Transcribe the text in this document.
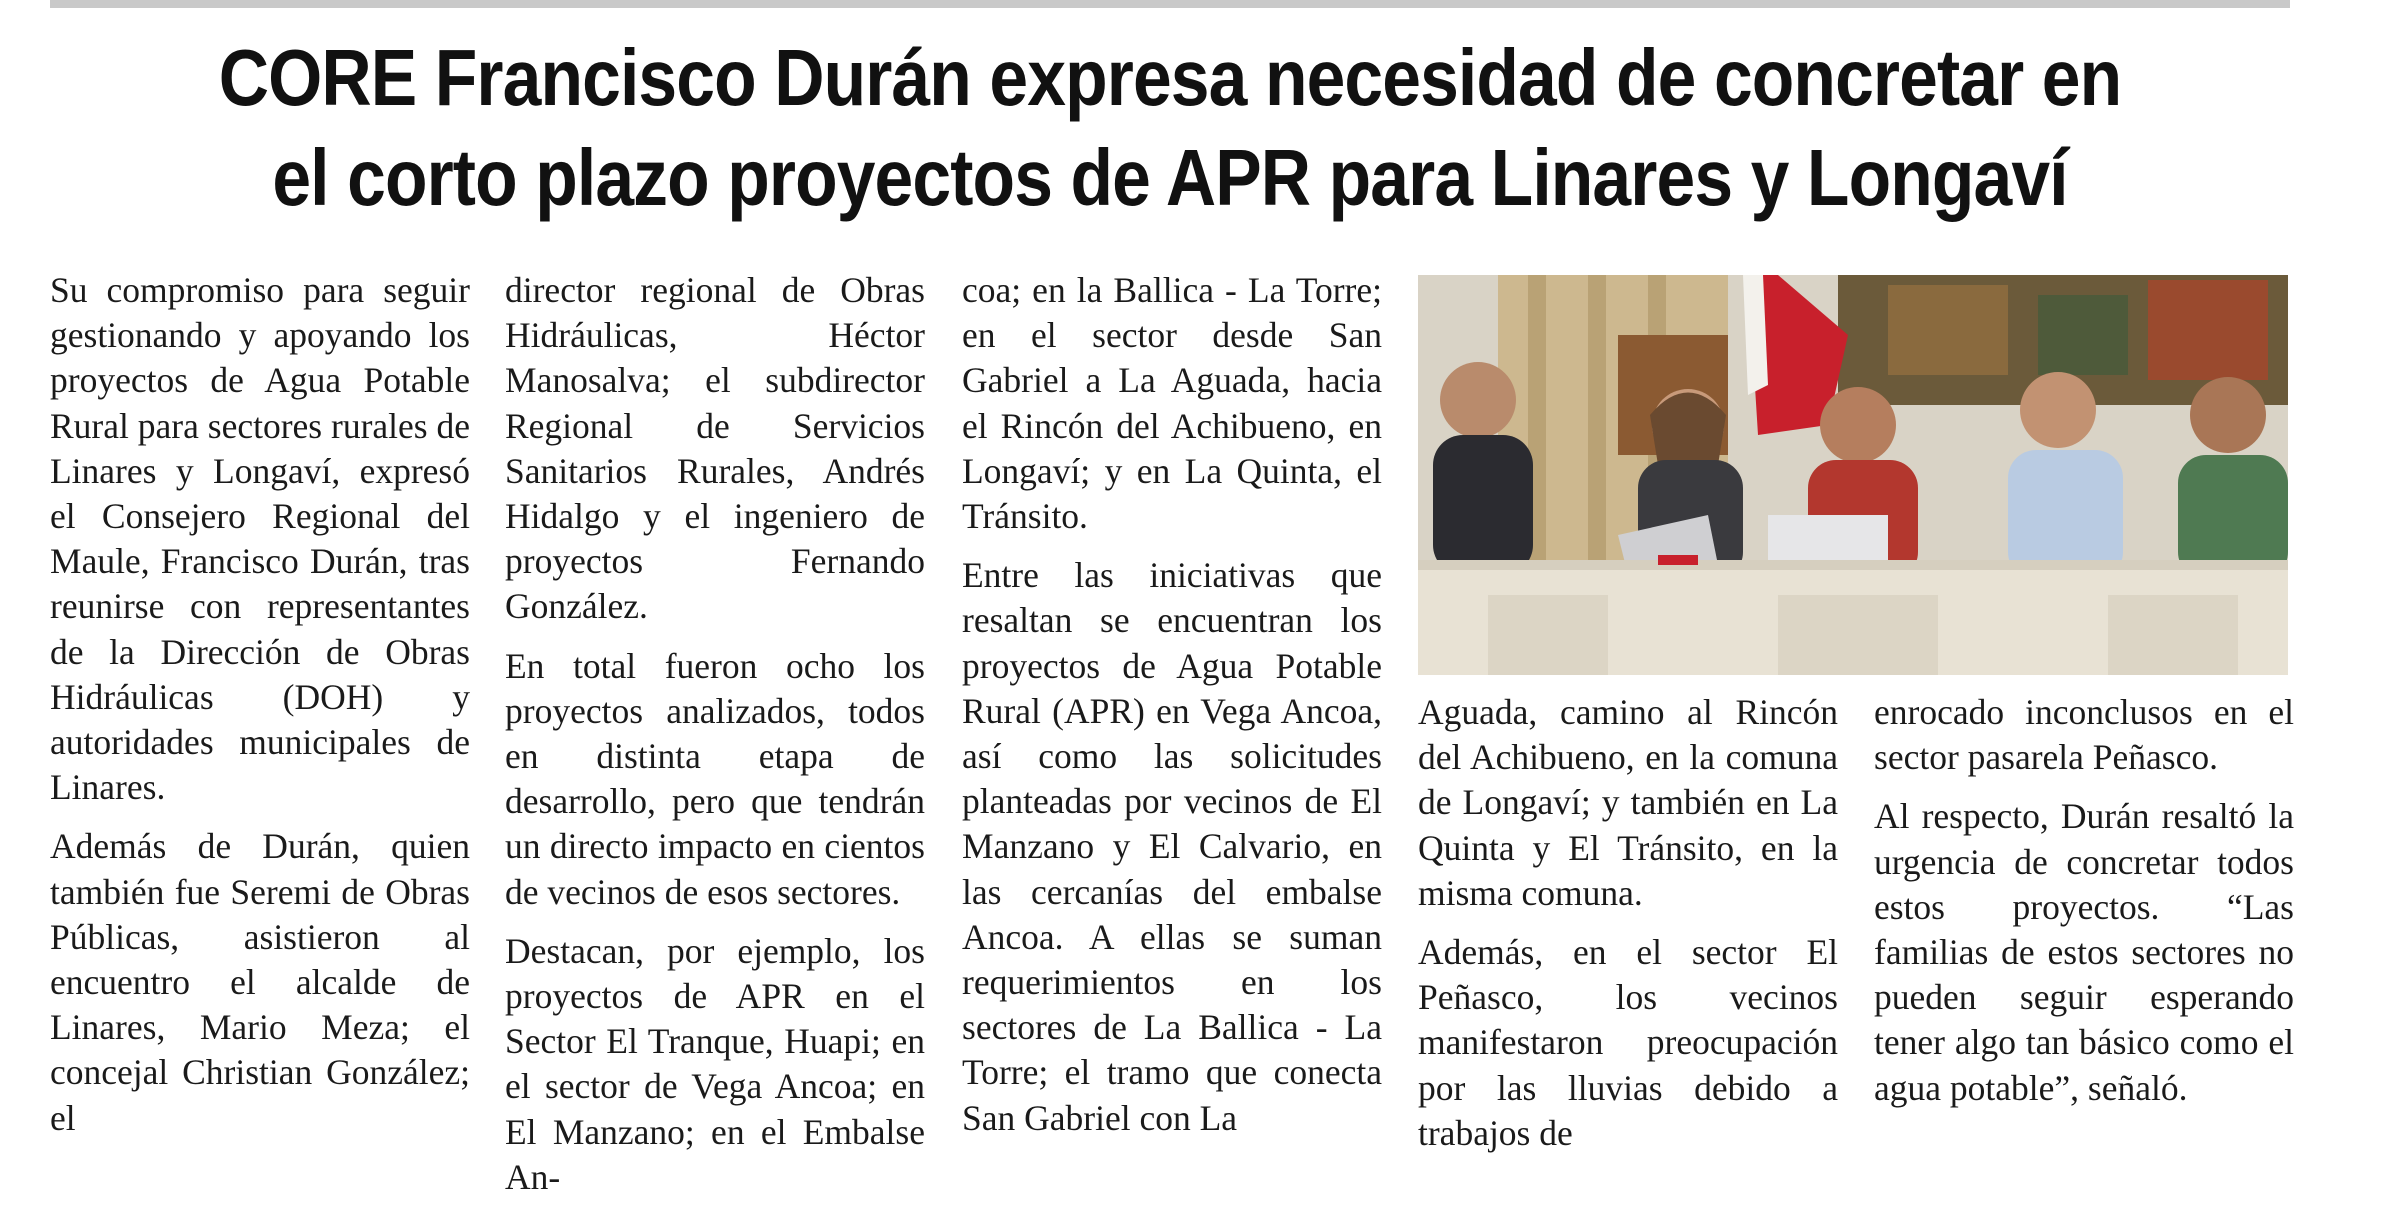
CORE Francisco Durán expresa necesidad de concretar en
el corto plazo proyectos de APR para Linares y Longaví

Su compromiso para seguir gestionando y apoyando los proyectos de Agua Potable Rural para sectores rurales de Linares y Longaví, expresó el Consejero Regional del Maule, Francisco Durán, tras reunirse con representantes de la Dirección de Obras Hidráulicas (DOH) y autoridades municipales de Linares.

Además de Durán, quien también fue Seremi de Obras Públicas, asistieron al encuentro el alcalde de Linares, Mario Meza; el concejal Christian González; el

director regional de Obras Hidráulicas, Héctor Manosalva; el subdirector Regional de Servicios Sanitarios Rurales, Andrés Hidalgo y el ingeniero de proyectos Fernando González.

En total fueron ocho los proyectos analizados, todos en distinta etapa de desarrollo, pero que tendrán un directo impacto en cientos de vecinos de esos sectores.

Destacan, por ejemplo, los proyectos de APR en el Sector El Tranque, Huapi; en el sector de Vega Ancoa; en El Manzano; en el Embalse An-

coa; en la Ballica - La Torre; en el sector desde San Gabriel a La Aguada, hacia el Rincón del Achibueno, en Longaví; y en La Quinta, el Tránsito.

Entre las iniciativas que resaltan se encuentran los proyectos de Agua Potable Rural (APR) en Vega Ancoa, así como las solicitudes planteadas por vecinos de El Manzano y El Calvario, en las cercanías del embalse Ancoa. A ellas se suman requerimientos en los sectores de La Ballica - La Torre; el tramo que conecta San Gabriel con La

Aguada, camino al Rincón del Achibueno, en la comuna de Longaví; y también en La Quinta y El Tránsito, en la misma comuna.

Además, en el sector El Peñasco, los vecinos manifestaron preocupación por las lluvias debido a trabajos de

enrocado inconclusos en el sector pasarela Peñasco.

Al respecto, Durán resaltó la urgencia de concretar todos estos proyectos. “Las familias de estos sectores no pueden seguir esperando tener algo tan básico como el agua potable”, señaló.
